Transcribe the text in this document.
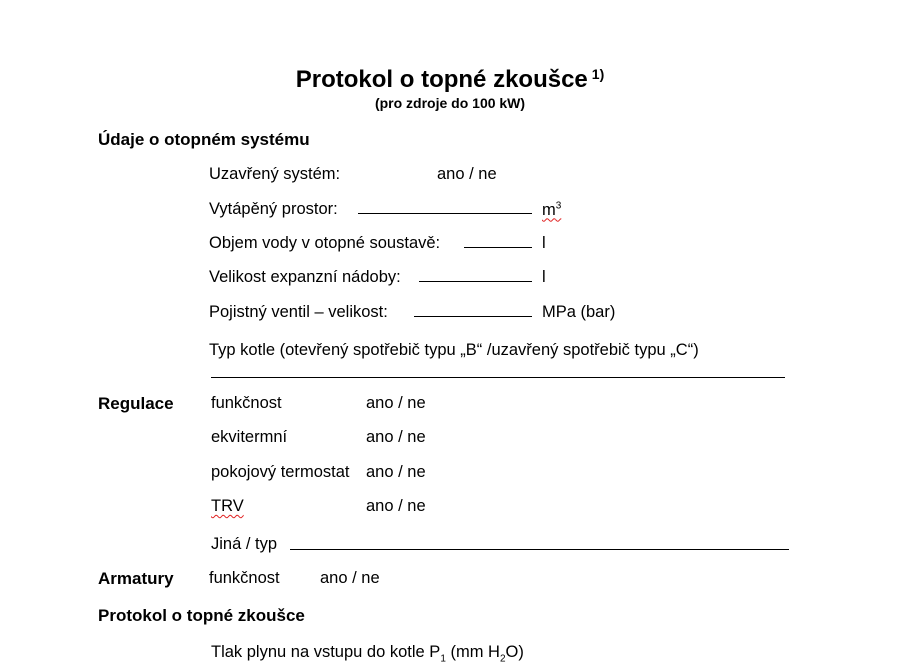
Protokol o topné zkoušce $^{1)}$
(pro zdroje do 100 kW)
Údaje o otopném systému
Uzavřený systém:	ano / ne
Vytápěný prostor:	$m^3$
Objem vody v otopné soustavě:	l
Velikost expanzní nádoby:	l
Pojistný ventil – velikost:	MPa (bar)
Typ kotle (otevřený spotřebič typu „B“ /uzavřený spotřebič typu „C“)
Regulace funkčnost	ano / ne
ekvitermní	ano / ne
pokojový termostat ano / ne
TRV	ano / ne
Jiná / typ
Armatury funkčnost ano / ne
Protokol o topné zkoušce
Tlak plynu na vstupu do kotle $P_1$ (mm $H_2O$)
